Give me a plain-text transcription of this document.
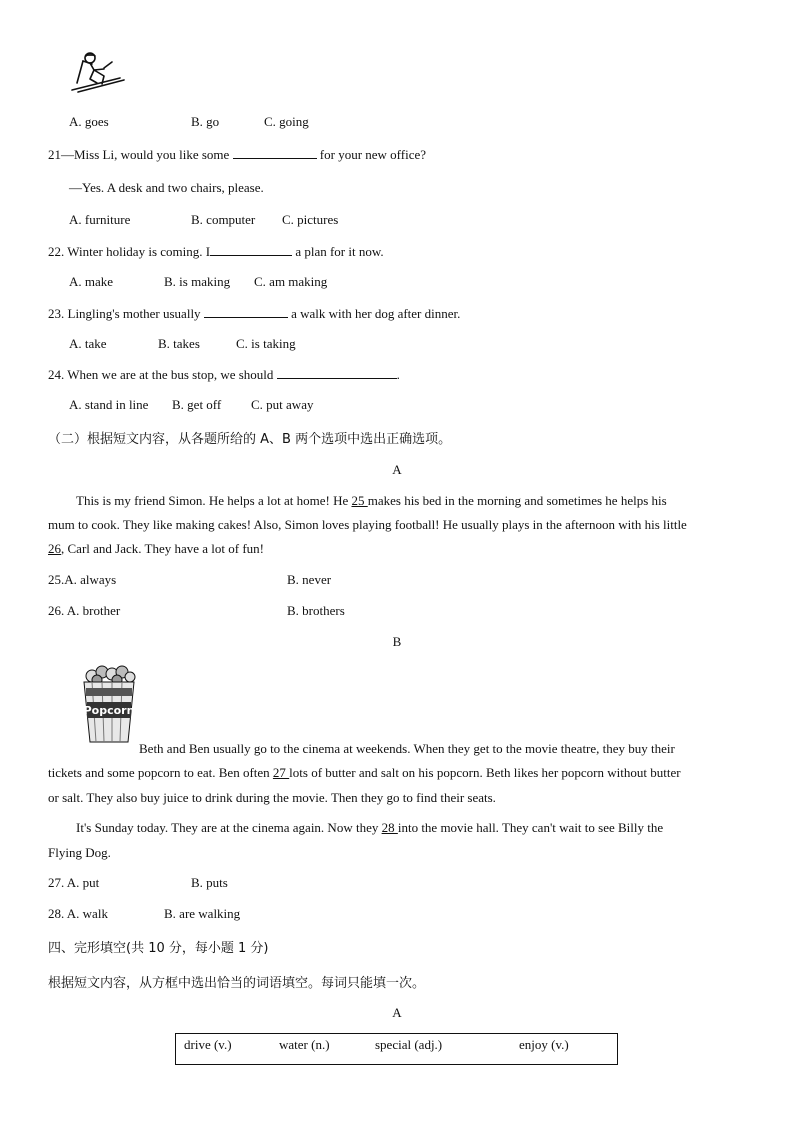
A. goes	B. go	C. going
21—Miss Li, would you like some	for your new office?
—Yes. A desk and two chairs, please.
A. furniture	B. computer C. pictures
22. Winter holiday is coming. I	a plan for it now.
A. make	B. is making C. am making
23. Lingling's mother usually	a walk with her dog after dinner.
A. take	B. takes	C. is taking
24. When we are at the bus stop, we should	.
A. stand in line B. get off C. put away
（二）根据短文内容，从各题所给的 A、B 两个选项中选出正确选项。
A
This is my friend Simon. He helps a lot at home! He 25 makes his bed in the morning and sometimes he helps his
mum to cook. They like making cakes! Also, Simon loves playing football! He usually plays in the afternoon with his little
26, Carl and Jack. They have a lot of fun!
25.A. always	B. never
26. A. brother	B. brothers
B
Popcorn
Beth and Ben usually go to the cinema at weekends. When they get to the movie theatre, they buy their
tickets and some popcorn to eat. Ben often 27 lots of butter and salt on his popcorn. Beth likes her popcorn without butter
or salt. They also buy juice to drink during the movie. Then they go to find their seats.
It's Sunday today. They are at the cinema again. Now they 28 into the movie hall. They can't wait to see Billy the
Flying Dog.
27. A. put	B. puts
28. A. walk	B. are walking
四、完形填空(共 10 分，每小题 1 分)
根据短文内容，从方框中选出恰当的词语填空。每词只能填一次。
A
drive (v.)	water (n.)	special (adj.)	enjoy (v.)
